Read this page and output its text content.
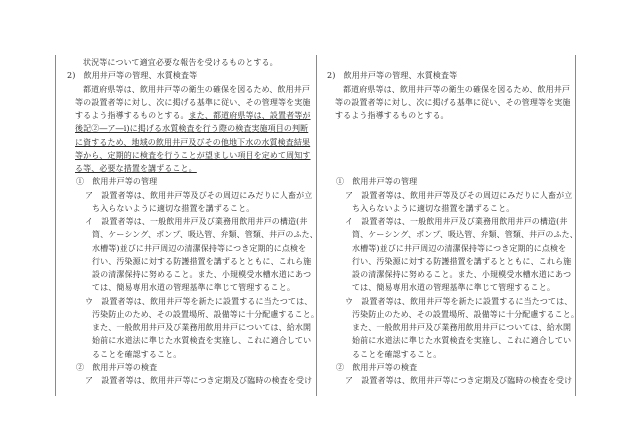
状況等について適宜必要な報告を受けるものとする。
2)　飲用井戸等の管理、水質検査等
都道府県等は、飲用井戸等の衛生の確保を図るため、飲用井戸
等の設置者等に対し、次に掲げる基準に従い、その管理等を実施
するよう指導するものとする。また、都道府県等は、設置者等が
後記②―ア―i)に掲げる水質検査を行う際の検査実施項目の判断
に資するため、地域の飲用井戸及びその他地下水の水質検査結果
等から、定期的に検査を行うことが望ましい項目を定めて周知す
る等、必要な措置を講ずること。
①　飲用井戸等の管理
ア　設置者等は、飲用井戸等及びその周辺にみだりに人畜が立
ち入らないように適切な措置を講ずること。
イ　設置者等は、一般飲用井戸及び業務用飲用井戸の構造(井
筒、ケーシング、ポンプ、吸込管、弁類、管類、井戸のふた、
水槽等)並びに井戸周辺の清潔保持等につき定期的に点検を
行い、汚染源に対する防護措置を講ずるとともに、これら施
設の清潔保持に努めること。また、小規模受水槽水道にあつ
ては、簡易専用水道の管理基準に準じて管理すること。
ウ　設置者等は、飲用井戸等を新たに設置するに当たつては、
汚染防止のため、その設置場所、設備等に十分配慮すること。
また、一般飲用井戸及び業務用飲用井戸については、給水開
始前に水道法に準じた水質検査を実施し、これに適合してい
ることを確認すること。
②　飲用井戸等の検査
ア　設置者等は、飲用井戸等につき定期及び臨時の検査を受け
2)　飲用井戸等の管理、水質検査等
都道府県等は、飲用井戸等の衛生の確保を図るため、飲用井戸
等の設置者等に対し、次に掲げる基準に従い、その管理等を実施
するよう指導するものとする。
①　飲用井戸等の管理
ア　設置者等は、飲用井戸等及びその周辺にみだりに人畜が立
ち入らないように適切な措置を講ずること。
イ　設置者等は、一般飲用井戸及び業務用飲用井戸の構造(井
筒、ケーシング、ポンプ、吸込管、弁類、管類、井戸のふた、
水槽等)並びに井戸周辺の清潔保持等につき定期的に点検を
行い、汚染源に対する防護措置を講ずるとともに、これら施
設の清潔保持に努めること。また、小規模受水槽水道にあつ
ては、簡易専用水道の管理基準に準じて管理すること。
ウ　設置者等は、飲用井戸等を新たに設置するに当たつては、
汚染防止のため、その設置場所、設備等に十分配慮すること。
また、一般飲用井戸及び業務用飲用井戸については、給水開
始前に水道法に準じた水質検査を実施し、これに適合してい
ることを確認すること。
②　飲用井戸等の検査
ア　設置者等は、飲用井戸等につき定期及び臨時の検査を受け
